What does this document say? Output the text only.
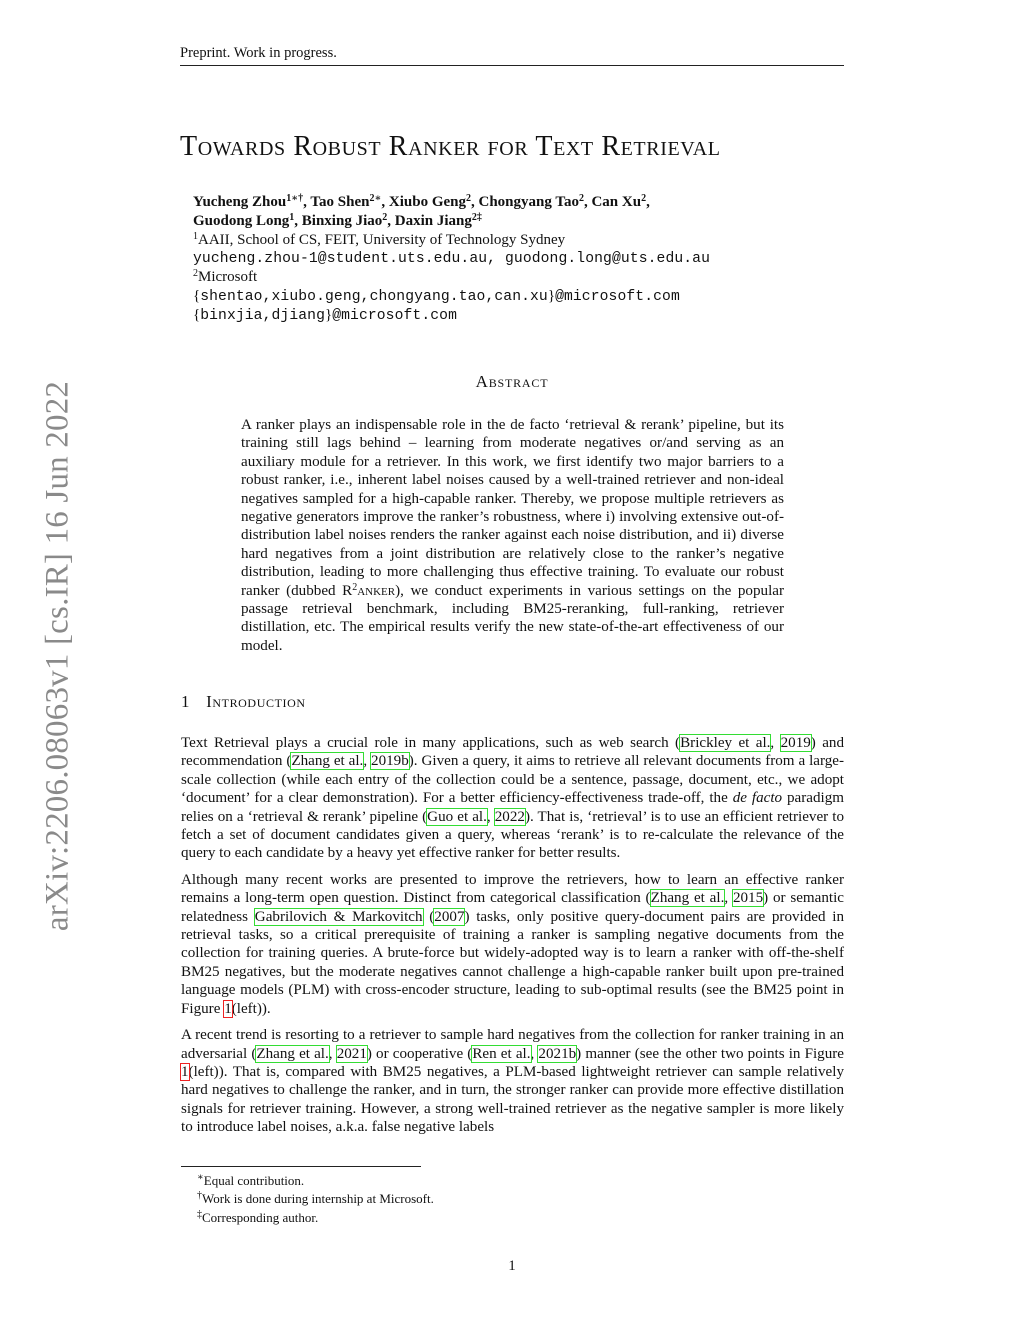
Preprint. Work in progress.
arXiv:2206.08063v1 [cs.IR] 16 Jun 2022
Towards Robust Ranker for Text Retrieval
Yucheng Zhou$^{1∗\dagger}$, Tao Shen$^{2∗}$, Xiubo Geng$^2$, Chongyang Tao$^2$, Can Xu$^2$,
Guodong Long$^1$, Binxing Jiao$^2$, Daxin Jiang$^{2\ddagger}$
$^1$AAII, School of CS, FEIT, University of Technology Sydney
yucheng.zhou-1@student.uts.edu.au, guodong.long@uts.edu.au
$^2$Microsoft
{shentao,xiubo.geng,chongyang.tao,can.xu}@microsoft.com
{binxjia,djiang}@microsoft.com
Abstract
A ranker plays an indispensable role in the de facto ‘retrieval & rerank’ pipeline, but its training still lags behind – learning from moderate negatives or/and serving as an auxiliary module for a retriever. In this work, we first identify two major barriers to a robust ranker, i.e., inherent label noises caused by a well-trained retriever and non-ideal negatives sampled for a high-capable ranker. Thereby, we propose multiple retrievers as negative generators improve the ranker’s robustness, where i) involving extensive out-of-distribution label noises renders the ranker against each noise distribution, and ii) diverse hard negatives from a joint distribution are relatively close to the ranker’s negative distribution, leading to more challenging thus effective training. To evaluate our robust ranker (dubbed $R^2anker$), we conduct experiments in various settings on the popular passage retrieval benchmark, including BM25-reranking, full-ranking, retriever distillation, etc. The empirical results verify the new state-of-the-art effectiveness of our model.
1 Introduction

Text Retrieval plays a crucial role in many applications, such as web search (Brickley et al., 2019) and recommendation (Zhang et al., 2019b). Given a query, it aims to retrieve all relevant documents from a large-scale collection (while each entry of the collection could be a sentence, passage, document, etc., we adopt ‘document’ for a clear demonstration). For a better efficiency-effectiveness trade-off, the de facto paradigm relies on a ‘retrieval & rerank’ pipeline (Guo et al., 2022). That is, ‘retrieval’ is to use an efficient retriever to fetch a set of document candidates given a query, whereas ‘rerank’ is to re-calculate the relevance of the query to each candidate by a heavy yet effective ranker for better results.

Although many recent works are presented to improve the retrievers, how to learn an effective ranker remains a long-term open question. Distinct from categorical classification (Zhang et al., 2015) or semantic relatedness Gabrilovich & Markovitch (2007) tasks, only positive query-document pairs are provided in retrieval tasks, so a critical prerequisite of training a ranker is sampling negative documents from the collection for training queries. A brute-force but widely-adopted way is to learn a ranker with off-the-shelf BM25 negatives, but the moderate negatives cannot challenge a high-capable ranker built upon pre-trained language models (PLM) with cross-encoder structure, leading to sub-optimal results (see the BM25 point in Figure 1(left)).

A recent trend is resorting to a retriever to sample hard negatives from the collection for ranker training in an adversarial (Zhang et al., 2021) or cooperative (Ren et al., 2021b) manner (see the other two points in Figure 1(left)). That is, compared with BM25 negatives, a PLM-based lightweight retriever can sample relatively hard negatives to challenge the ranker, and in turn, the stronger ranker can provide more effective distillation signals for retriever training. However, a strong well-trained retriever as the negative sampler is more likely to introduce label noises, a.k.a. false negative labels

∗Equal contribution.
†Work is done during internship at Microsoft.
‡Corresponding author.
1
